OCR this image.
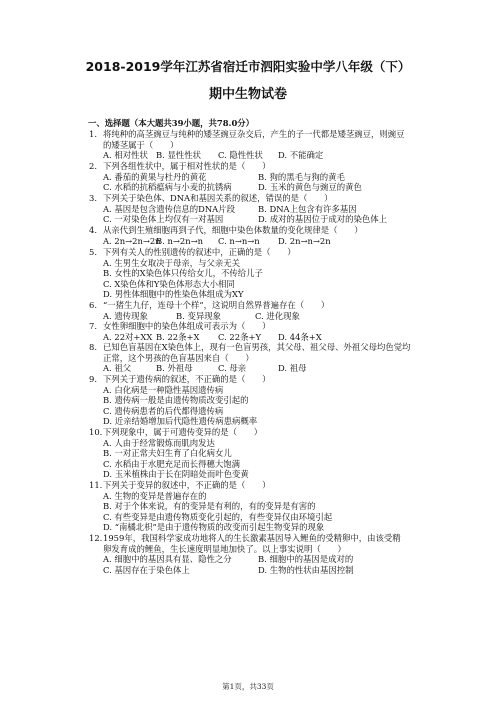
2018-2019学年江苏省宿迁市泗阳实验中学八年级（下）
期中生物试卷
一、选择题（本大题共39小题，共78.0分）
1. 将纯种的高茎豌豆与纯种的矮茎豌豆杂交后，产生的子一代都是矮茎豌豆，则豌豆
的矮茎属于（　　）
A. 相对性状 B. 显性性状 C. 隐性性状 D. 不能确定
2. 下列各组性状中，属于相对性状的是（　　）
A. 番茄的黄果与杜丹的黄花	B. 狗的黑毛与狗的黄毛
C. 水稻的抗稻瘟病与小麦的抗锈病	D. 玉米的黄色与豌豆的黄色
3. 下列关于染色体、DNA和基因关系的叙述，错误的是（　　）
A. 基因是包含遗传信息的DNA片段	B. DNA上包含有许多基因
C. 一对染色体上均仅有一对基因	D. 成对的基因位于成对的染色体上
4. 从亲代到生殖细胞再到子代，细胞中染色体数量的变化规律是（　　）
A. 2n→2n→2n
B. n→2n→n C. n→n→n D. 2n→n→2n
5. 下列有关人的性别遗传的叙述中，正确的是（　　）
A. 生男生女取决于母亲，与父亲无关
B. 女性的X染色体只传给女儿，不传给儿子
C. X染色体和Y染色体形态大小相同
D. 男性体细胞中的性染色体组成为XY
6. “一猪生九仔，连母十个样”，这说明自然界普遍存在（　　）
A. 遗传现象	B. 变异现象	C. 进化现象
7. 女性卵细胞中的染色体组成可表示为（　　）
A. 22对+XX B. 22条+X C. 22条+Y D. 44条+X
8. 已知色盲基因在X染色体上，现有一色盲男孩，其父母、祖父母、外祖父母均色觉均
正常，这个男孩的色盲基因来自（　　）
A. 祖父	B. 外祖母	C. 母亲	D. 祖母
9. 下列关于遗传病的叙述，不正确的是（　　）
A. 白化病是一种隐性基因遗传病
B. 遗传病一般是由遗传物质改变引起的
C. 遗传病患者的后代都得遗传病
D. 近亲结婚增加后代隐性遗传病患病概率
10. 下列现象中，属于可遗传变异的是（　　）
A. 人由于经常锻炼而肌肉发达
B. 一对正常夫妇生育了白化病女儿
C. 水稻由于水肥充足而长得穗大饱满
D. 玉米植株由于长在阴暗处而叶色变黄
11. 下列关于变异的叙述中，不正确的是（　　）
A. 生物的变异是普遍存在的
B. 对于个体来说，有的变异是有利的，有的变异是有害的
C. 有些变异是由遗传物质变化引起的，有些变异仅由环境引起
D. “南橘北枳”是由于遗传物质的改变而引起生物变异的现象
12. 1959年，我国科学家成功地将人的生长激素基因导入鲤鱼的受精卵中，由该受精
卵发育成的鲤鱼，生长速度明显地加快了。以上事实说明（　　）
A. 细胞中的基因具有显、隐性之分	B. 细胞中的基因是成对的
C. 基因存在于染色体上	D. 生物的性状由基因控制
第1页，共33页
